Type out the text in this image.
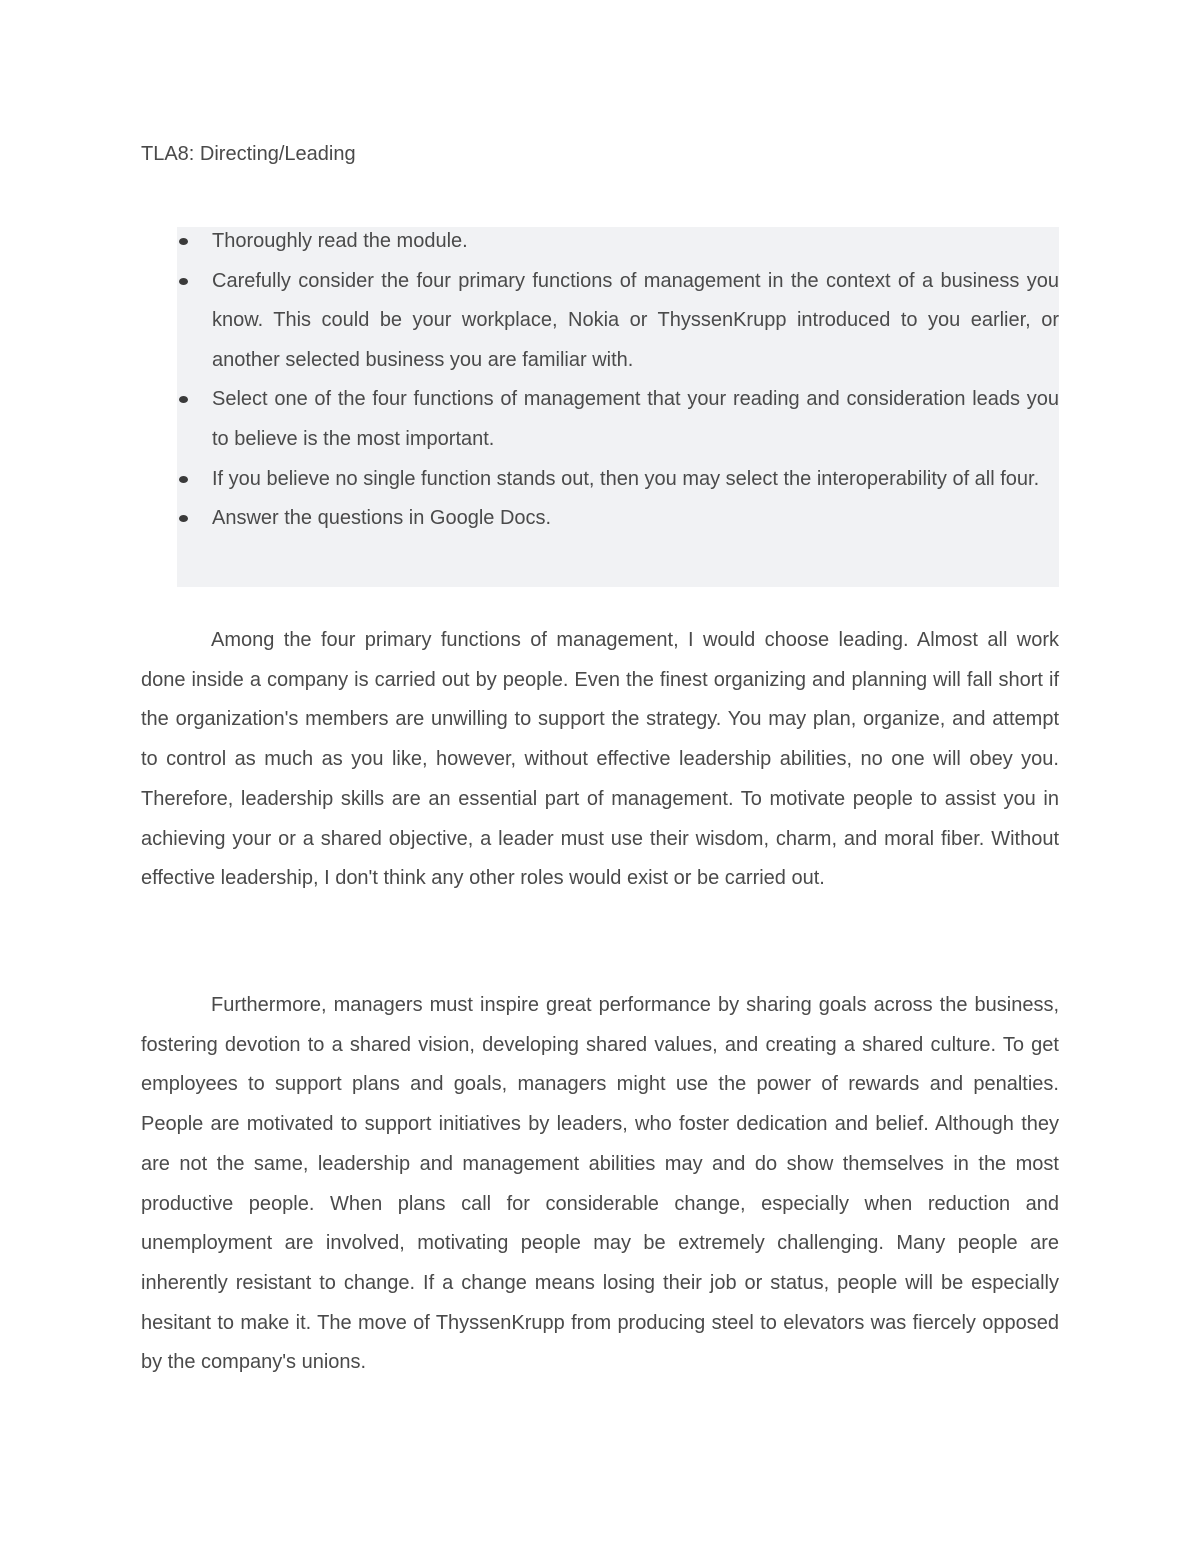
TLA8: Directing/Leading
Thoroughly read the module.
Carefully consider the four primary functions of management in the context of a business you know. This could be your workplace, Nokia or ThyssenKrupp introduced to you earlier, or another selected business you are familiar with.
Select one of the four functions of management that your reading and consideration leads you to believe is the most important.
If you believe no single function stands out, then you may select the interoperability of all four.
Answer the questions in Google Docs.

Among the four primary functions of management, I would choose leading. Almost all work done inside a company is carried out by people. Even the finest organizing and planning will fall short if the organization's members are unwilling to support the strategy. You may plan, organize, and attempt to control as much as you like, however, without effective leadership abilities, no one will obey you. Therefore, leadership skills are an essential part of management. To motivate people to assist you in achieving your or a shared objective, a leader must use their wisdom, charm, and moral fiber. Without effective leadership, I don't think any other roles would exist or be carried out.

Furthermore, managers must inspire great performance by sharing goals across the business, fostering devotion to a shared vision, developing shared values, and creating a shared culture. To get employees to support plans and goals, managers might use the power of rewards and penalties. People are motivated to support initiatives by leaders, who foster dedication and belief. Although they are not the same, leadership and management abilities may and do show themselves in the most productive people. When plans call for considerable change, especially when reduction and unemployment are involved, motivating people may be extremely challenging. Many people are inherently resistant to change. If a change means losing their job or status, people will be especially hesitant to make it. The move of ThyssenKrupp from producing steel to elevators was fiercely opposed by the company's unions.
